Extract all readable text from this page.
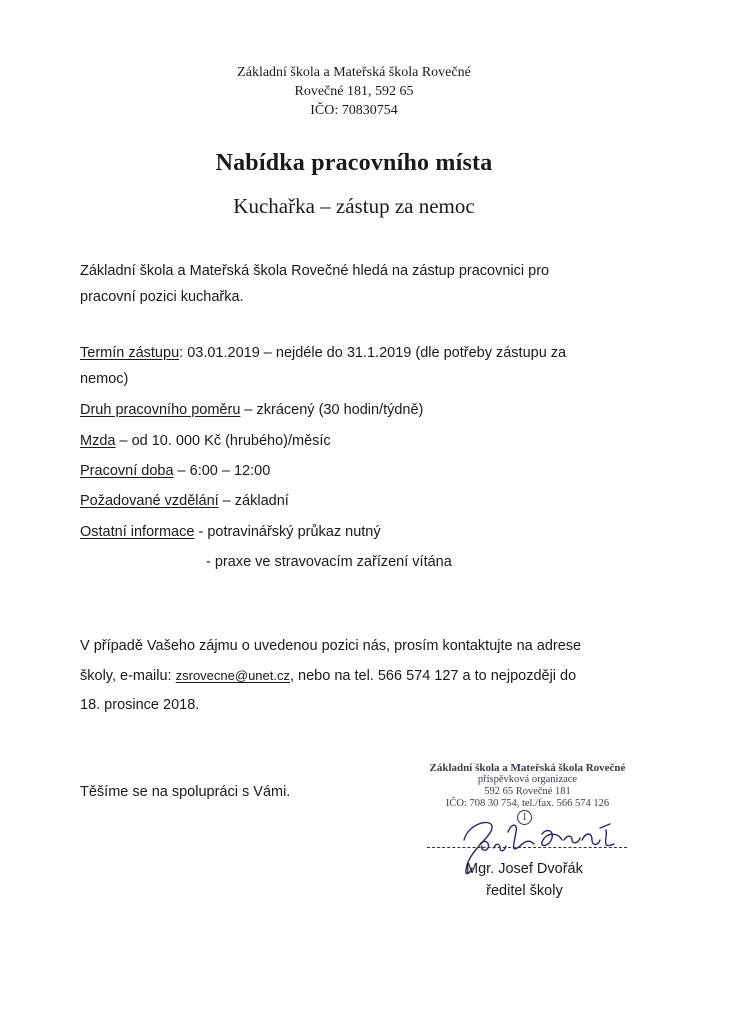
Základní škola a Mateřská škola Rovečné
Rovečné 181, 592 65
IČO: 70830754
Nabídka pracovního místa
Kuchařka – zástup za nemoc
Základní škola a Mateřská škola Rovečné hledá na zástup pracovnici pro
pracovní pozici kuchařka.
Termín zástupu: 03.01.2019 – nejdéle do 31.1.2019 (dle potřeby zástupu za
nemoc)
Druh pracovního poměru – zkrácený (30 hodin/týdně)
Mzda – od 10. 000 Kč (hrubého)/měsíc
Pracovní doba – 6:00 – 12:00
Požadované vzdělání – základní
Ostatní informace - potravinářský průkaz nutný
- praxe ve stravovacím zařízení vítána
V případě Vašeho zájmu o uvedenou pozici nás, prosím kontaktujte na adrese
školy, e-mailu: zsrovecne@unet.cz, nebo na tel. 566 574 127 a to nejpozději do
18. prosince 2018.
Těšíme se na spolupráci s Vámi.
Základní škola a Mateřská škola Rovečné
příspěvková organizace
592 65 Rovečné 181
IČO: 708 30 754, tel./fax. 566 574 126
1
Mgr. Josef Dvořák
ředitel školy
